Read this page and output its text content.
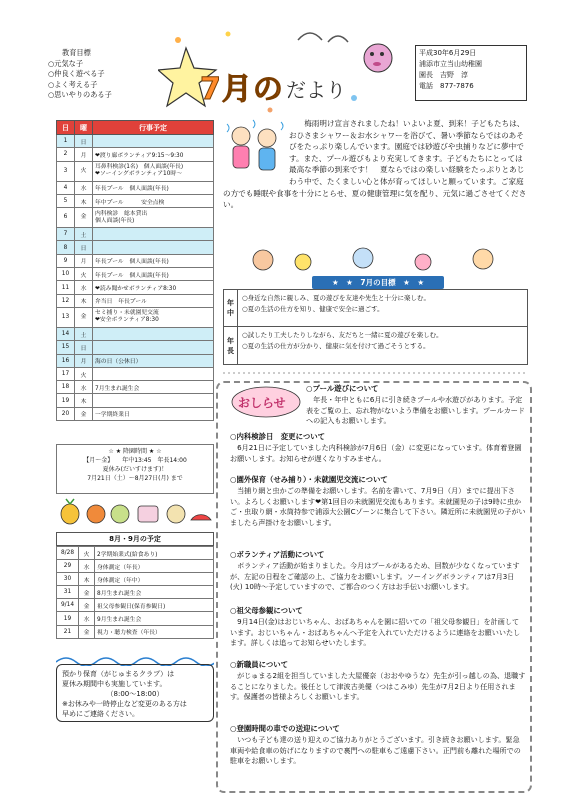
教育目標
○元気な子
○仲良く遊べる子
○よく考える子
○思いやりのある子	7月の だより
平成30年6月29日
浦添市立当山幼稚園
園長　吉野　淳
電話　877-7876
日	曜	行事予定
1	日	
2	月	❤渡り廊ボランティア9:15〜9:30
3	火	耳鼻科検診(1名)　個人面談(年長)
❤ソーイングボランティア10時〜
4	水	年長プール　個人面談(年長)
5	木	年中プール　　　安全点検
6	金	内科検診　総本貸出
個人面談(年長)
7	土	
8	日	
9	月	年長プール　個人面談(年長)
10	火	年長プール　個人面談(年長)
11	水	❤読み聞かせボランティア8:30
12	木	弁当日　年長プール
13	金	セミ捕り・未就園児交流
❤安全ボランティア8:30
14	土	
15	日	
16	月	海の日（公休日）
17	火	
18	水	7月生まれ誕生会
19	木	
20	金	一学期終業日
☆ ★ 降園時間 ★ ☆
【月〜金】　　年中13:45　年長14:00
夏休み(だいすけます)！
7月21日（土）〜8月27日(月) まで
8月・9月の予定
8/28	火	2学期始業式(給食あり)
29	水	身体測定（年長）
30	木	身体測定（年中）
31	金	8月生まれ誕生会
9/14	金	祖父母参観日(保育参観日)
19	水	9月生まれ誕生会
21	金	視力・聴力検査（年長）
預かり保育（がじゅまるクラブ）は
夏休み期間中も実施しています。
（8:00〜18:00）
※お休みや一時停止など変更のある方は
早めにご連絡ください。
梅雨明け宣言されましたね！いよいよ夏、到来！子どもたちは、おひさまシャワー＆お水シャワーを浴びて、暑い季節ならではのあそびをたっぷり楽しんでいます。園庭では砂遊びや虫捕りなどに夢中です。また、プール遊びもより充実してきます。子どもたちにとっては最高な季節の到来です！　夏ならではの楽しい経験をたっぷりとあじわう中で、たくましい心と体が育ってほしいと願っています。ご家庭の方でも睡眠や食事を十分にとらせ、夏の健康管理に気を配り、元気に過ごさせてください。
★　★　7月の目標　★　★
年中
○身近な自然に親しみ、夏の遊びを友達や先生と十分に楽しむ。
○夏の生活の仕方を知り、健康で安全に過ごす。
年長
○試したり工夫したりしながら、友だちと一緒に夏の遊びを楽しむ。
○夏の生活の仕方が分かり、健康に気を付けて過ごそうとする。
おしらせ
○プール遊びについて
年長・年中ともに6月に引き続きプールや水遊びがあります。予定表をご覧の上、忘れ物がないよう準備をお願いします。プールカードへの記入もお願いします。
○内科検診日　変更について
6月21日に予定していました内科検診が7月6日（金）に変更になっています。体育着登園お願いします。お知らせが遅くなりすみません。
○園外保育（せみ捕り）・未就園児交流について
当捕り網と虫かごの準備をお願いします。名前を書いて、7月9日（月）までに提出下さい。よろしくお願いします❤第1回目の未就園児交流もあります。未就園児の子は9時に虫かご・虫取り網・水筒持参で浦添大公園Cゾーンに集合して下さい。隣近所に未就園児の子がいましたら声掛けをお願いします。
○ボランティア活動について
ボランティア活動が始まりました。今月はプールがあるため、回数が少なくなっていますが、左記の日程をご確認の上、ご協力をお願いします。ソーイングボランティアは7月3日(火) 10時〜予定していますので、ご都合のつく方はお手伝いお願いします。
○祖父母参観について
9月14日(金)はおじいちゃん、おばあちゃんを園に招いての「祖父母参観日」を計画しています。おじいちゃん・おばあちゃんへ予定を入れていただけるように連絡をお願いいたします。詳しくは追ってお知らせいたします。
○新職員について
がじゅまる2組を担当していました大屋優奈（おおやゆうな）先生が引っ越しの為、退職することになりました。後任として津波古美優（つはこみゆ）先生が7月2日より任用されます。保護者の皆様よろしくお願いします。
○登園時間の車での送迎について
いつも子ども達の送り迎えのご協力ありがとうございます。引き続きお願いします。緊急車両や給食車の妨げになりますので裏門への駐車もご遠慮下さい。正門前も離れた場所での駐車をお願いします。
